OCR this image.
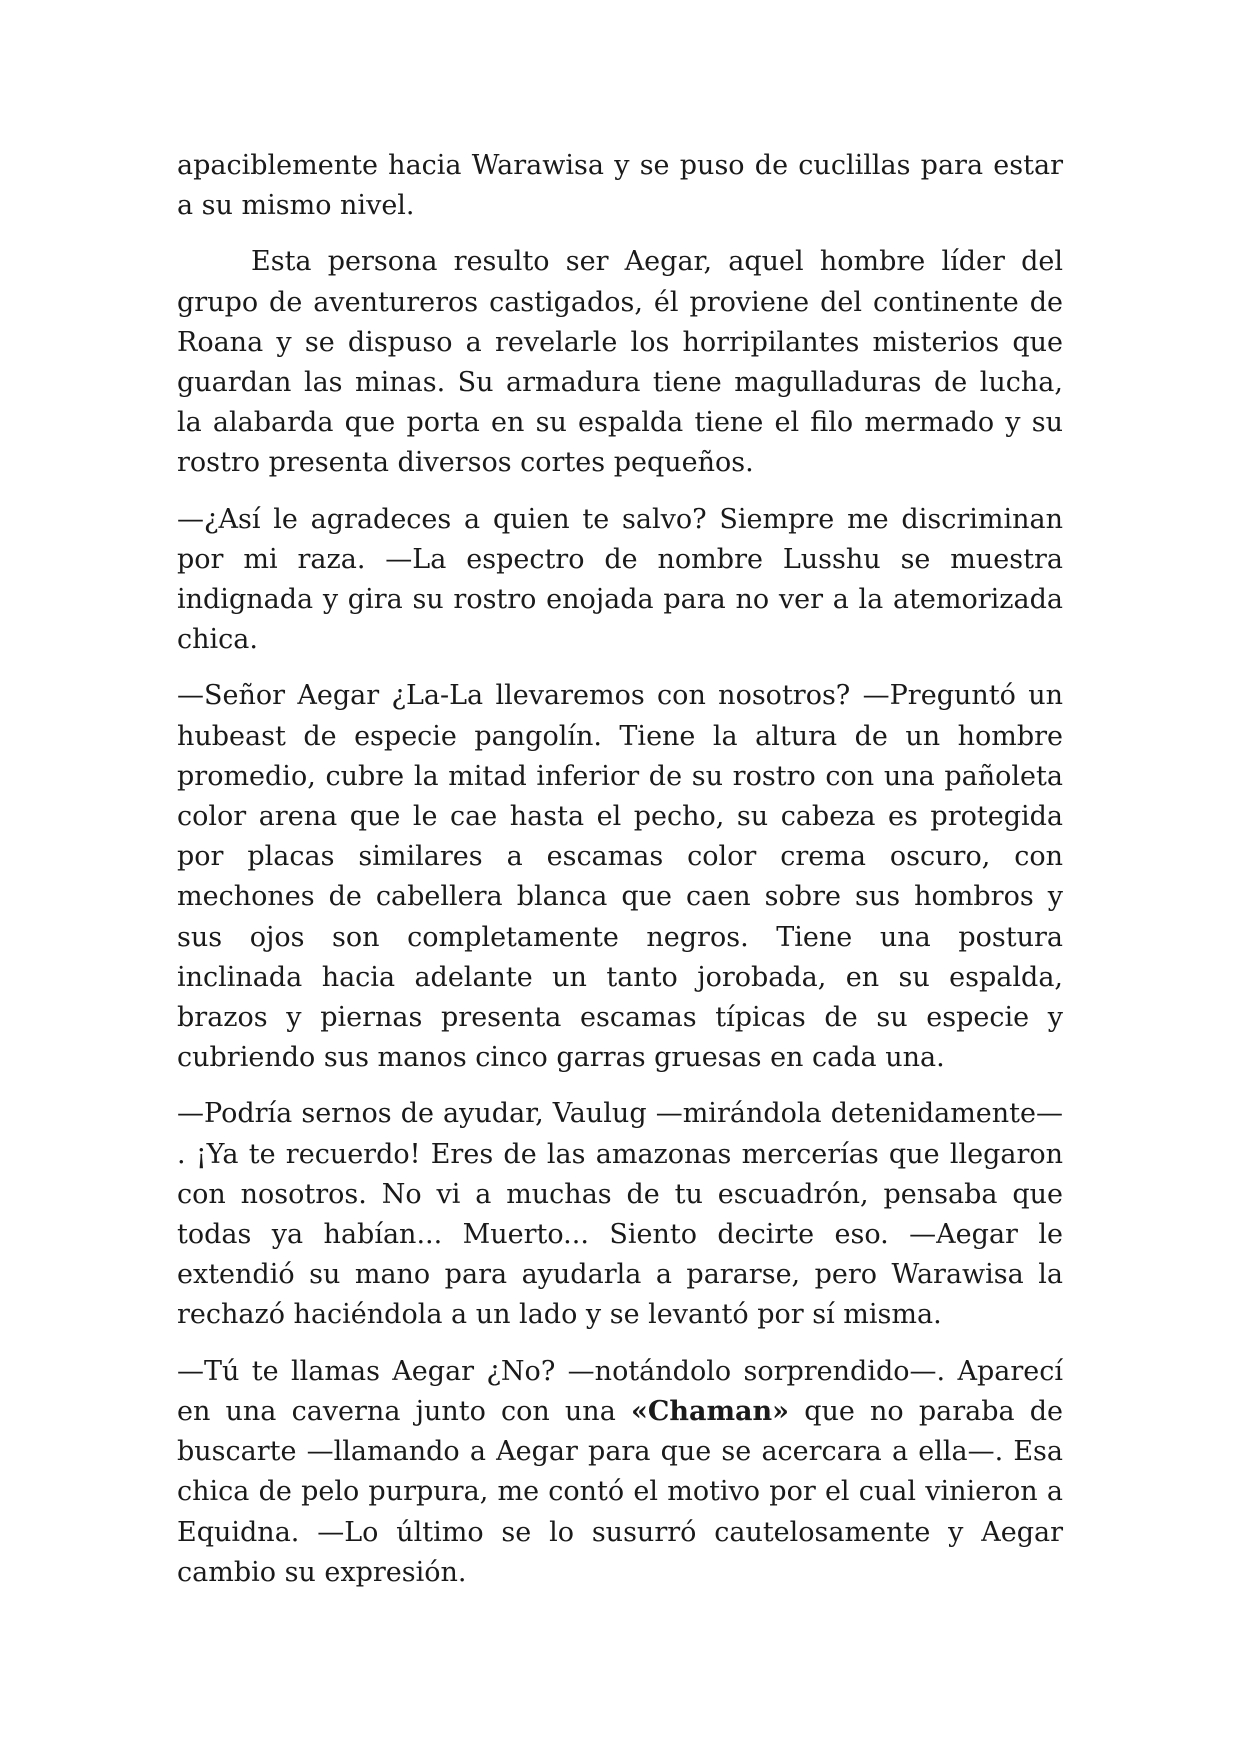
apaciblemente hacia Warawisa y se puso de cuclillas para estar a su mismo nivel.

Esta persona resulto ser Aegar, aquel hombre líder del grupo de aventureros castigados, él proviene del continente de Roana y se dispuso a revelarle los horripilantes misterios que guardan las minas. Su armadura tiene magulladuras de lucha, la alabarda que porta en su espalda tiene el filo mermado y su rostro presenta diversos cortes pequeños.

—¿Así le agradeces a quien te salvo? Siempre me discriminan por mi raza. —La espectro de nombre Lusshu se muestra indignada y gira su rostro enojada para no ver a la atemorizada chica.

—Señor Aegar ¿La-La llevaremos con nosotros? —Preguntó un hubeast de especie pangolín. Tiene la altura de un hombre promedio, cubre la mitad inferior de su rostro con una pañoleta color arena que le cae hasta el pecho, su cabeza es protegida por placas similares a escamas color crema oscuro, con mechones de cabellera blanca que caen sobre sus hombros y sus ojos son completamente negros. Tiene una postura inclinada hacia adelante un tanto jorobada, en su espalda, brazos y piernas presenta escamas típicas de su especie y cubriendo sus manos cinco garras gruesas en cada una.

—Podría sernos de ayudar, Vaulug —mirándola detenidamente— . ¡Ya te recuerdo! Eres de las amazonas mercerías que llegaron con nosotros. No vi a muchas de tu escuadrón, pensaba que todas ya habían... Muerto... Siento decirte eso. —Aegar le extendió su mano para ayudarla a pararse, pero Warawisa la rechazó haciéndola a un lado y se levantó por sí misma.

—Tú te llamas Aegar ¿No? —notándolo sorprendido—. Aparecí en una caverna junto con una «Chaman» que no paraba de buscarte —llamando a Aegar para que se acercara a ella—. Esa chica de pelo purpura, me contó el motivo por el cual vinieron a Equidna. —Lo último se lo susurró cautelosamente y Aegar cambio su expresión.
